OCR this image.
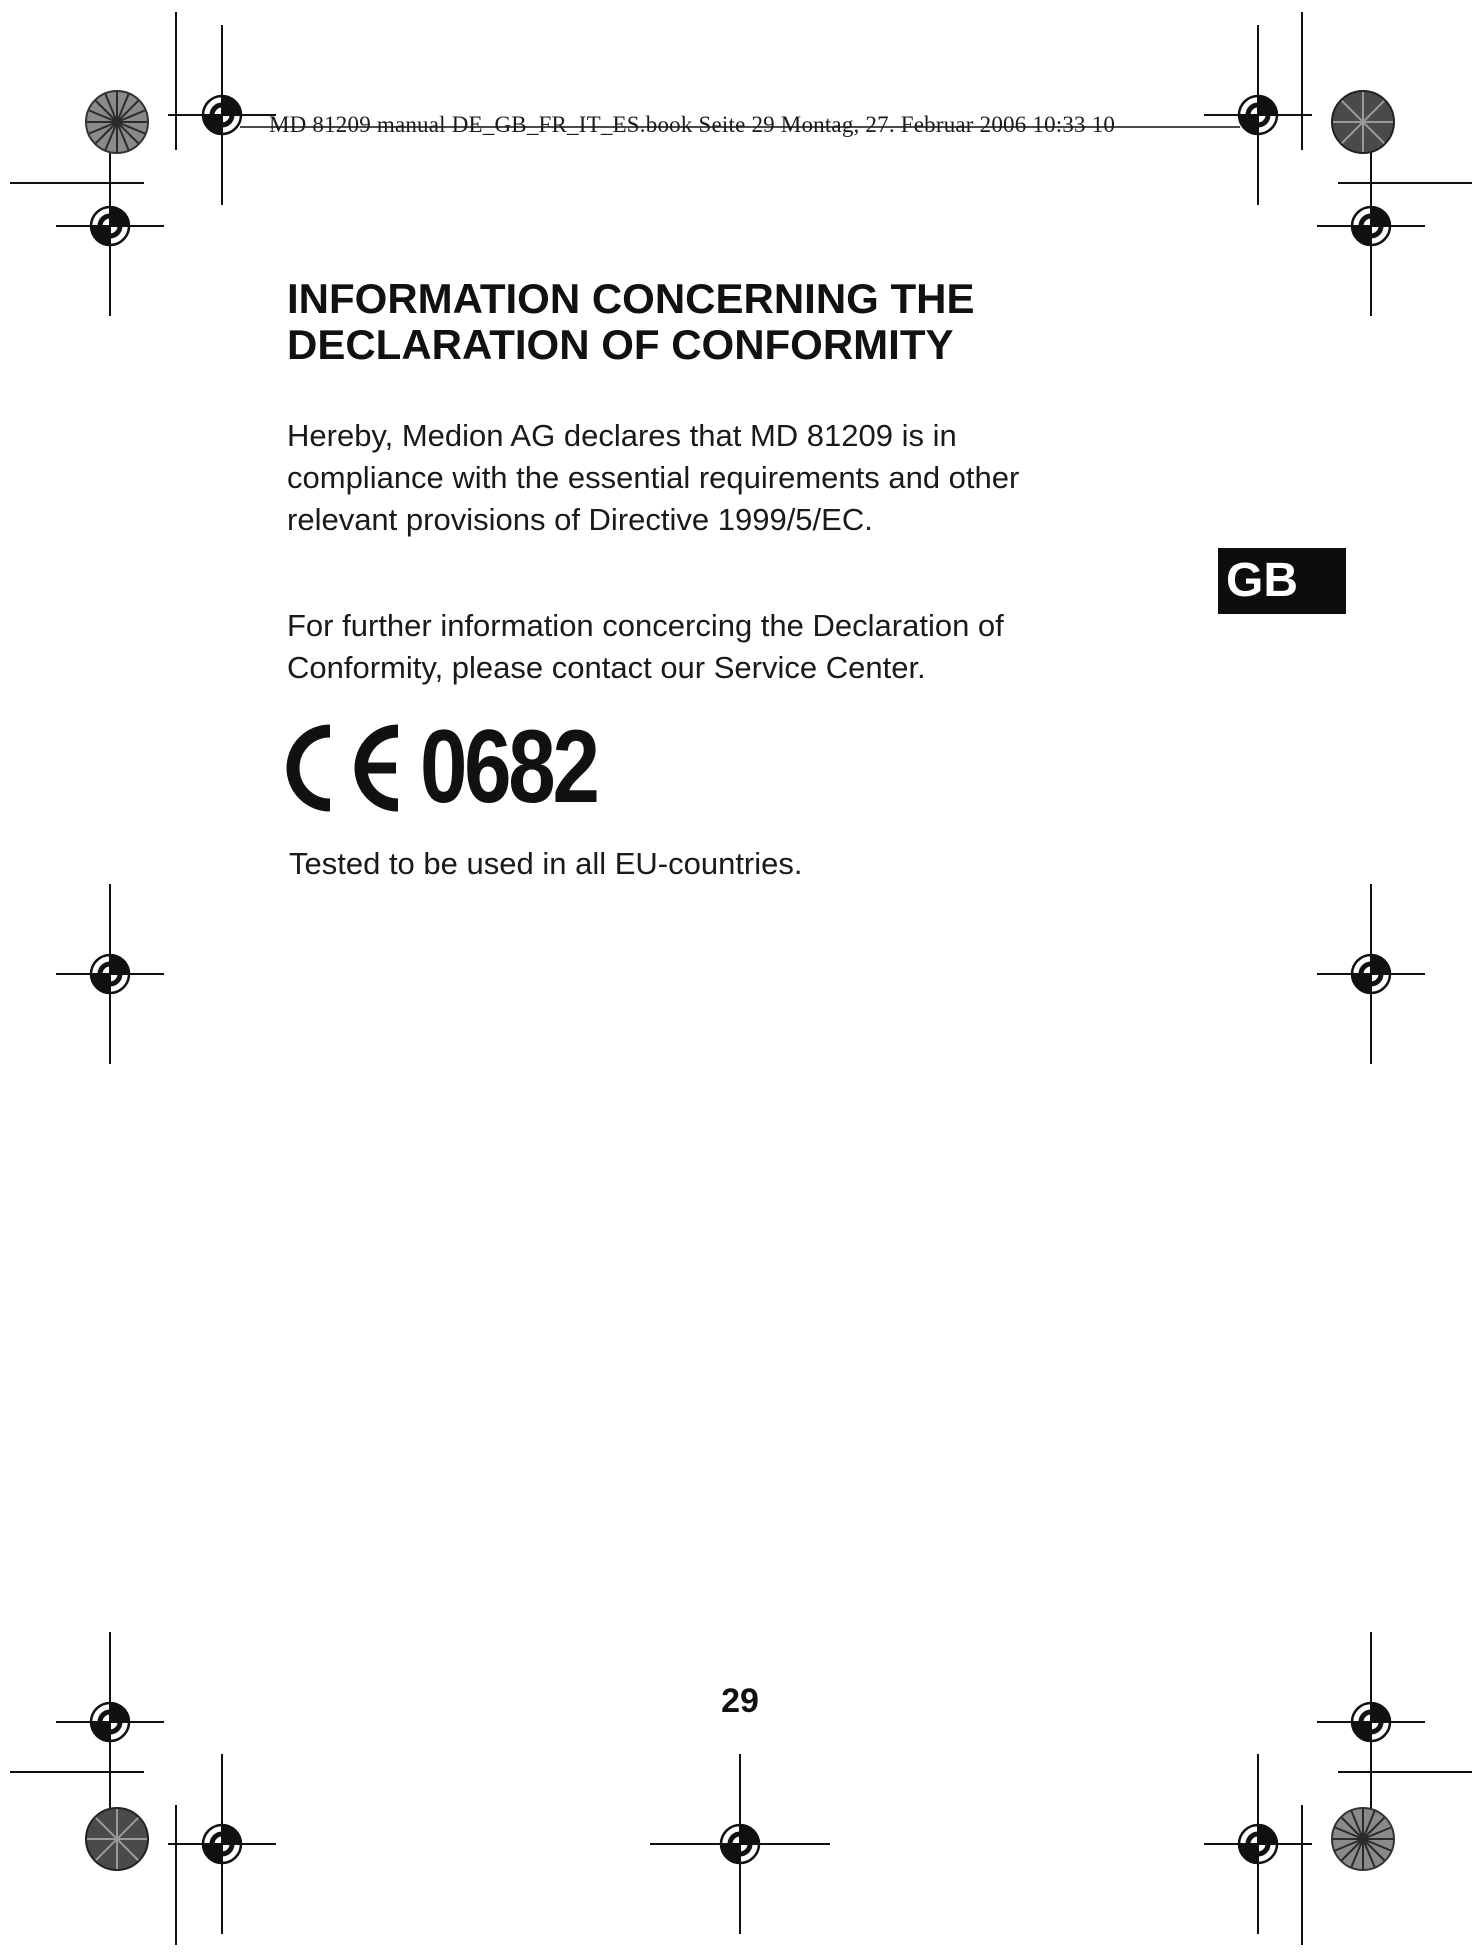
MD 81209 manual DE_GB_FR_IT_ES.book Seite 29 Montag, 27. Februar 2006 10:33 10
INFORMATION CONCERNING THE
DECLARATION OF CONFORMITY

Hereby, Medion AG declares that MD 81209 is in
compliance with the essential requirements and other
relevant provisions of Directive 1999/5/EC.

For further information concercing the Declaration of
Conformity, please contact our Service Center.

0682

Tested to be used in all EU-countries.

GB
29
